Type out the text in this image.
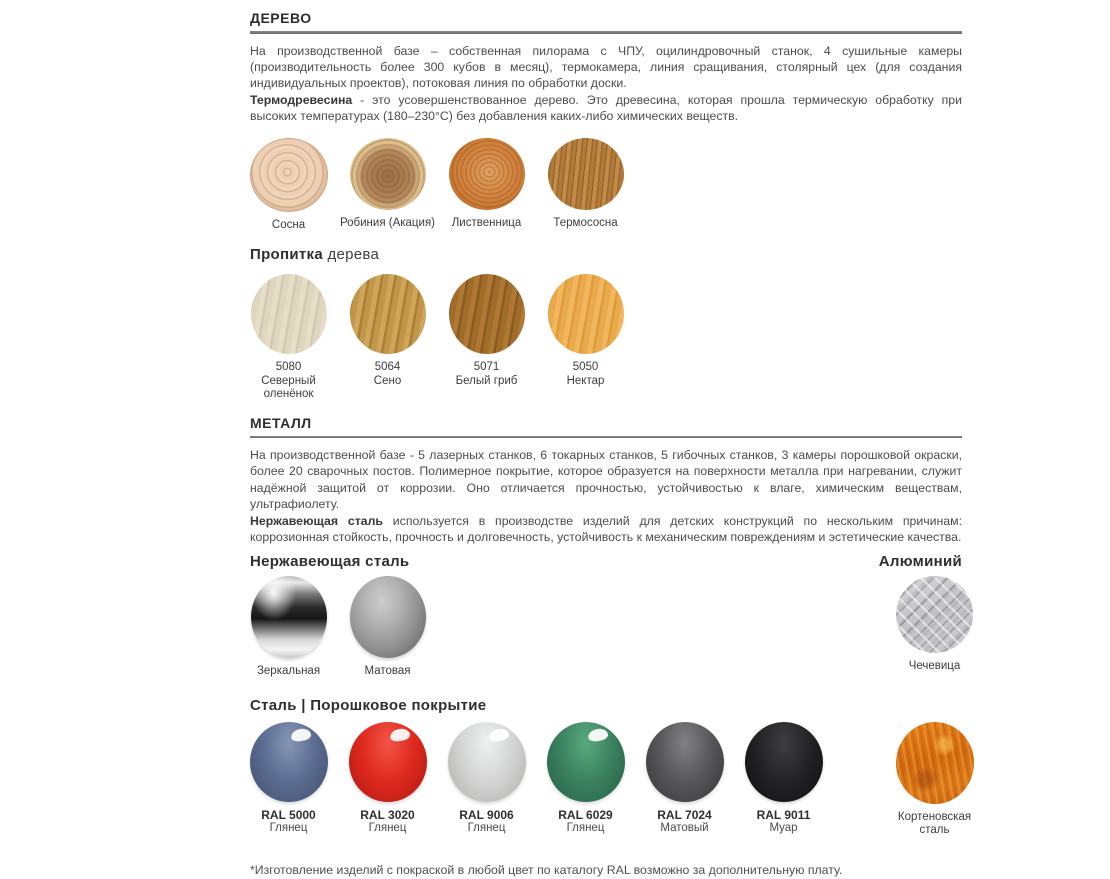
ДЕРЕВО

На производственной базе – собственная пилорама с ЧПУ, оцилиндровочный станок, 4 сушильные камеры (производительность более 300 кубов в месяц), термокамера, линия сращивания, столярный цех (для создания индивидуальных проектов), потоковая линия по обработки доски.
Термодревесина - это усовершенствованное дерево. Это древесина, которая прошла термическую обработку при высоких температурах (180–230°С) без добавления каких-либо химических веществ.

Сосна	Робиния (Акация) Лиственница	Термососна
Пропитка дерева
5080
Северный
оленёнок
5064
Сено
5071
Белый гриб
5050
Нектар
МЕТАЛЛ

На производственной базе - 5 лазерных станков, 6 токарных станков, 5 гибочных станков, 3 камеры порошковой окраски, более 20 сварочных постов. Полимерное покрытие, которое образуется на поверхности металла при нагревании, служит надёжной защитой от коррозии. Оно отличается прочностью, устойчивостью к влаге, химическим веществам, ультрафиолету.
Нержавеющая сталь используется в производстве изделий для детских конструкций по нескольким причинам: коррозионная стойкость, прочность и долговечность, устойчивость к механическим повреждениям и эстетические качества.

Нержавеющая сталь	Алюминий
Зеркальная	Матовая	Чечевица
Сталь | Порошковое покрытие
RAL 5000
Глянец
RAL 3020
Глянец
RAL 9006
Глянец
RAL 6029
Глянец
RAL 7024
Матовый
RAL 9011
Муар
Кортеновская
сталь
*Изготовление изделий с покраской в любой цвет по каталогу RAL возможно за дополнительную плату.
